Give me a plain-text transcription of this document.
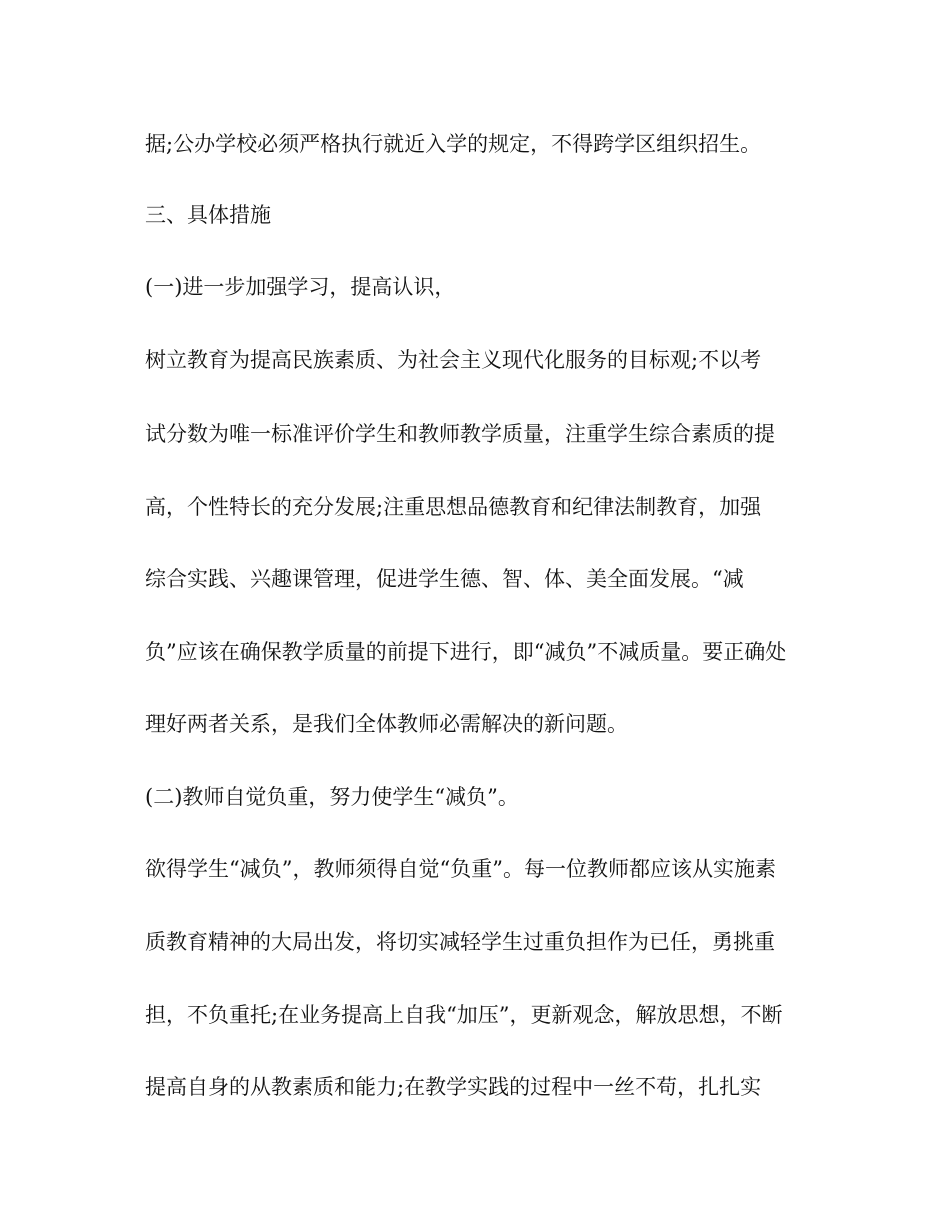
据;公办学校必须严格执行就近入学的规定，不得跨学区组织招生。
三、具体措施
(一)进一步加强学习，提高认识，
树立教育为提高民族素质、为社会主义现代化服务的目标观;不以考
试分数为唯一标准评价学生和教师教学质量，注重学生综合素质的提
高，个性特长的充分发展;注重思想品德教育和纪律法制教育，加强
综合实践、兴趣课管理，促进学生德、智、体、美全面发展。“减
负”应该在确保教学质量的前提下进行，即“减负”不减质量。要正确处
理好两者关系，是我们全体教师必需解决的新问题。
(二)教师自觉负重，努力使学生“减负”。
欲得学生“减负”，教师须得自觉“负重”。每一位教师都应该从实施素
质教育精神的大局出发，将切实减轻学生过重负担作为已任，勇挑重
担，不负重托;在业务提高上自我“加压”，更新观念，解放思想，不断
提高自身的从教素质和能力;在教学实践的过程中一丝不苟，扎扎实
